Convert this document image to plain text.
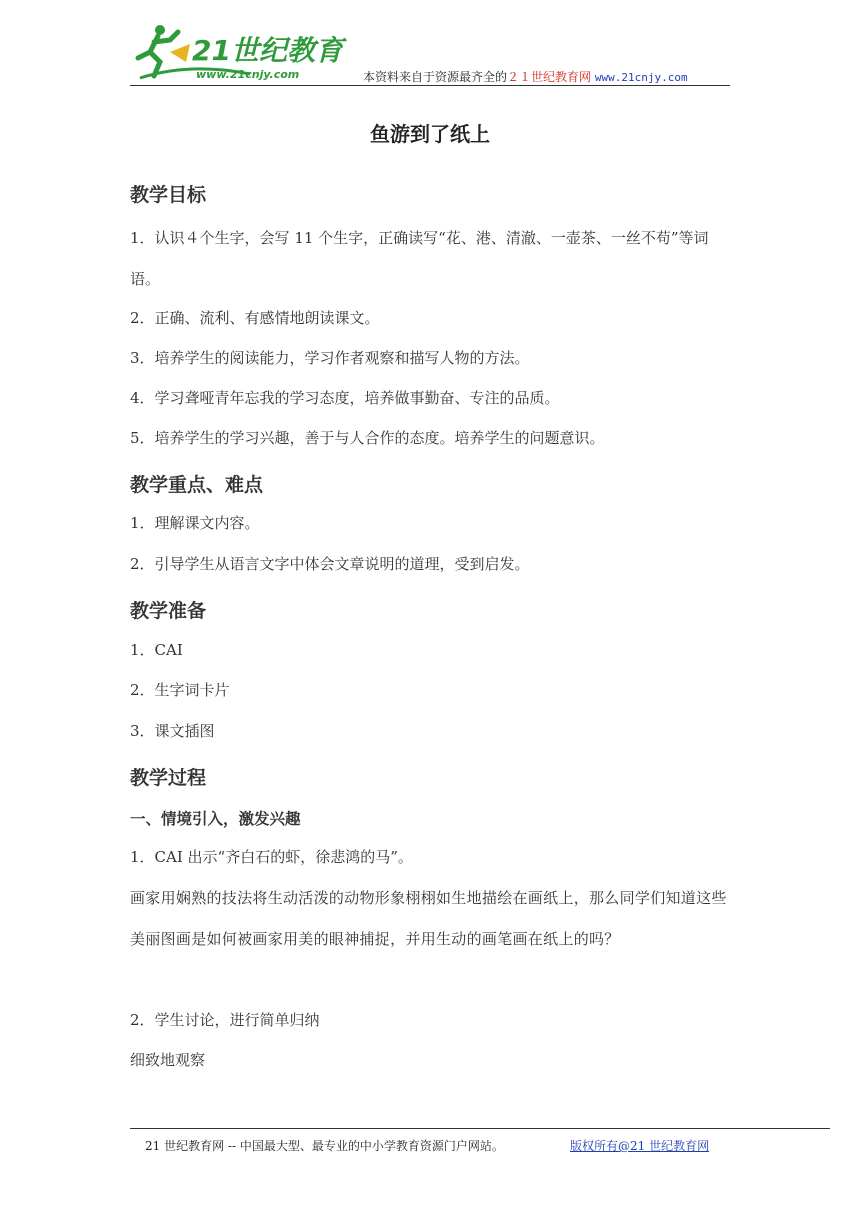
21世纪教育
www.21cnjy.com	本资料来自于资源最齐全的２１世纪教育网 www.21cnjy.com
鱼游到了纸上
教学目标
1．认识４个生字，会写 11 个生字，正确读写“花、港、清澈、一壶茶、一丝不苟”等词语。
2．正确、流利、有感情地朗读课文。
3．培养学生的阅读能力，学习作者观察和描写人物的方法。
4．学习聋哑青年忘我的学习态度，培养做事勤奋、专注的品质。
5．培养学生的学习兴趣，善于与人合作的态度。培养学生的问题意识。
教学重点、难点
1．理解课文内容。
2．引导学生从语言文字中体会文章说明的道理，受到启发。
教学准备
1．CAI
2．生字词卡片
3．课文插图
教学过程
一、情境引入，激发兴趣
1．CAI 出示“齐白石的虾，徐悲鸿的马”。
画家用娴熟的技法将生动活泼的动物形象栩栩如生地描绘在画纸上，那么同学们知道这些美丽图画是如何被画家用美的眼神捕捉，并用生动的画笔画在纸上的吗？
2．学生讨论，进行简单归纳
细致地观察
21 世纪教育网 -- 中国最大型、最专业的中小学教育资源门户网站。	版权所有@21 世纪教育网
